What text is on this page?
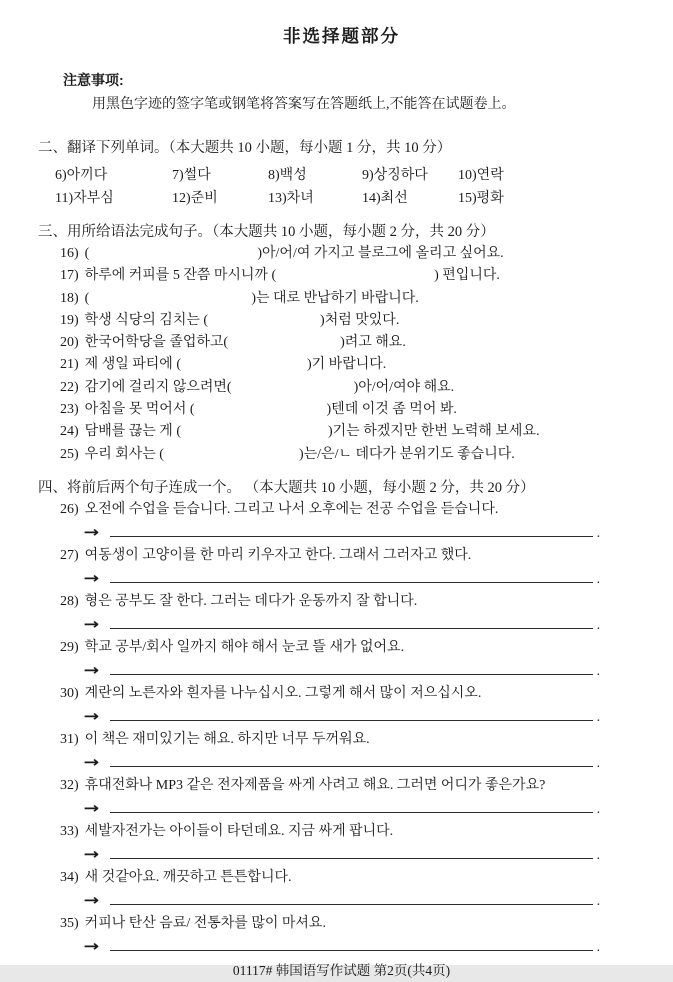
非选择题部分
注意事项:
用黑色字迹的签字笔或钢笔将答案写在答题纸上,不能答在试题卷上。
二、翻译下列单词。（本大题共 10 小题，每小题 1 分，共 10 分）
6)아끼다	7)썰다	8)백성	9)상징하다	10)연락
11)자부심	12)준비	13)차녀	14)최선	15)평화
三、用所给语法完成句子。（本大题共 10 小题，每小题 2 分，共 20 分）
16) (	)아/어/여 가지고 블로그에 올리고 싶어요.
17) 하루에 커피를 5 잔쯤 마시니까 (	) 편입니다.
18) (	)는 대로 반납하기 바랍니다.
19) 학생 식당의 김치는 (	)처럼 맛있다.
20) 한국어학당을 졸업하고(	)려고 해요.
21) 제 생일 파티에 (	)기 바랍니다.
22) 감기에 걸리지 않으려면(	)아/어/여야 해요.
23) 아침을 못 먹어서 (	)텐데 이것 좀 먹어 봐.
24) 담배를 끊는 게 (	)기는 하겠지만 한번 노력해 보세요.
25) 우리 회사는 (	)는/은/ㄴ 데다가 분위기도 좋습니다.
四、将前后两个句子连成一个。 （本大题共 10 小题，每小题 2 分，共 20 分）
26) 오전에 수업을 듣습니다. 그리고 나서 오후에는 전공 수업을 듣습니다.
→	.
27) 여동생이 고양이를 한 마리 키우자고 한다. 그래서 그러자고 했다.
→	.
28) 형은 공부도 잘 한다. 그러는 데다가 운동까지 잘 합니다.
→	.
29) 학교 공부/회사 일까지 해야 해서 눈코 뜰 새가 없어요.
→	.
30) 계란의 노른자와 흰자를 나누십시오. 그렇게 해서 많이 저으십시오.
→	.
31) 이 책은 재미있기는 해요. 하지만 너무 두꺼워요.
→	.
32) 휴대전화나 MP3 같은 전자제품을 싸게 사려고 해요. 그러면 어디가 좋은가요?
→	.
33) 세발자전가는 아이들이 타던데요. 지금 싸게 팝니다.
→	.
34) 새 것같아요. 깨끗하고 튼튼합니다.
→	.
35) 커피나 탄산 음료/ 전통차를 많이 마셔요.
→	.
01117# 韩国语写作试题 第2页(共4页)
